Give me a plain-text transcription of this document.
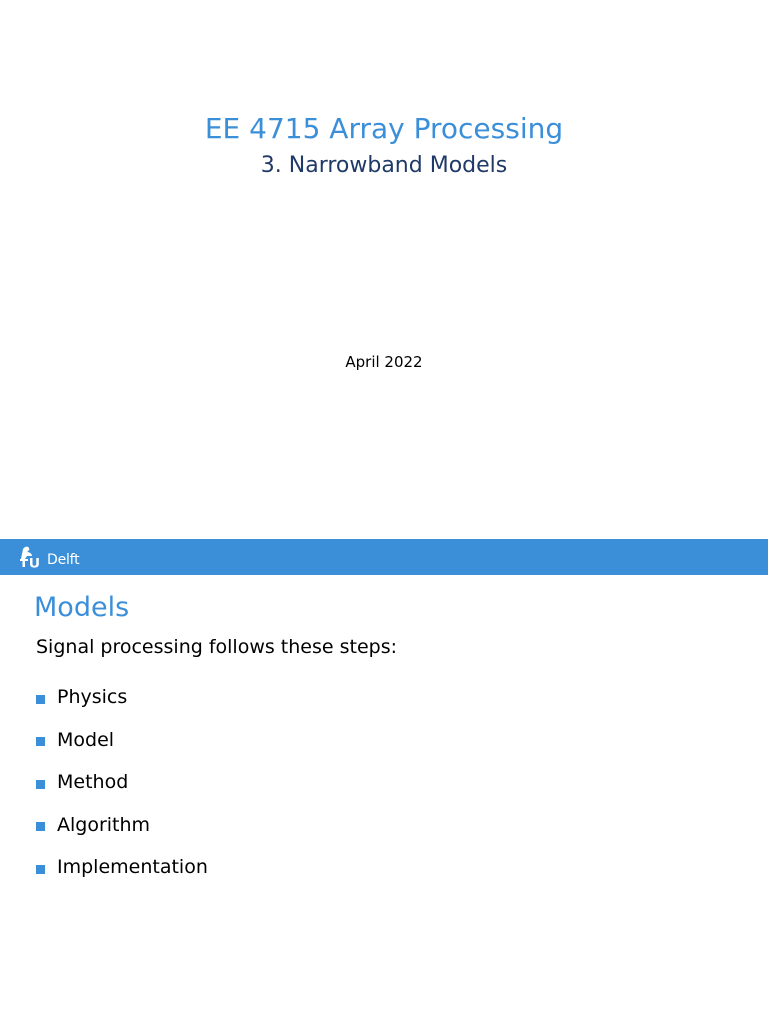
EE 4715 Array Processing
3. Narrowband Models
April 2022
Delft
Models
Signal processing follows these steps:
Physics
Model
Method
Algorithm
Implementation
